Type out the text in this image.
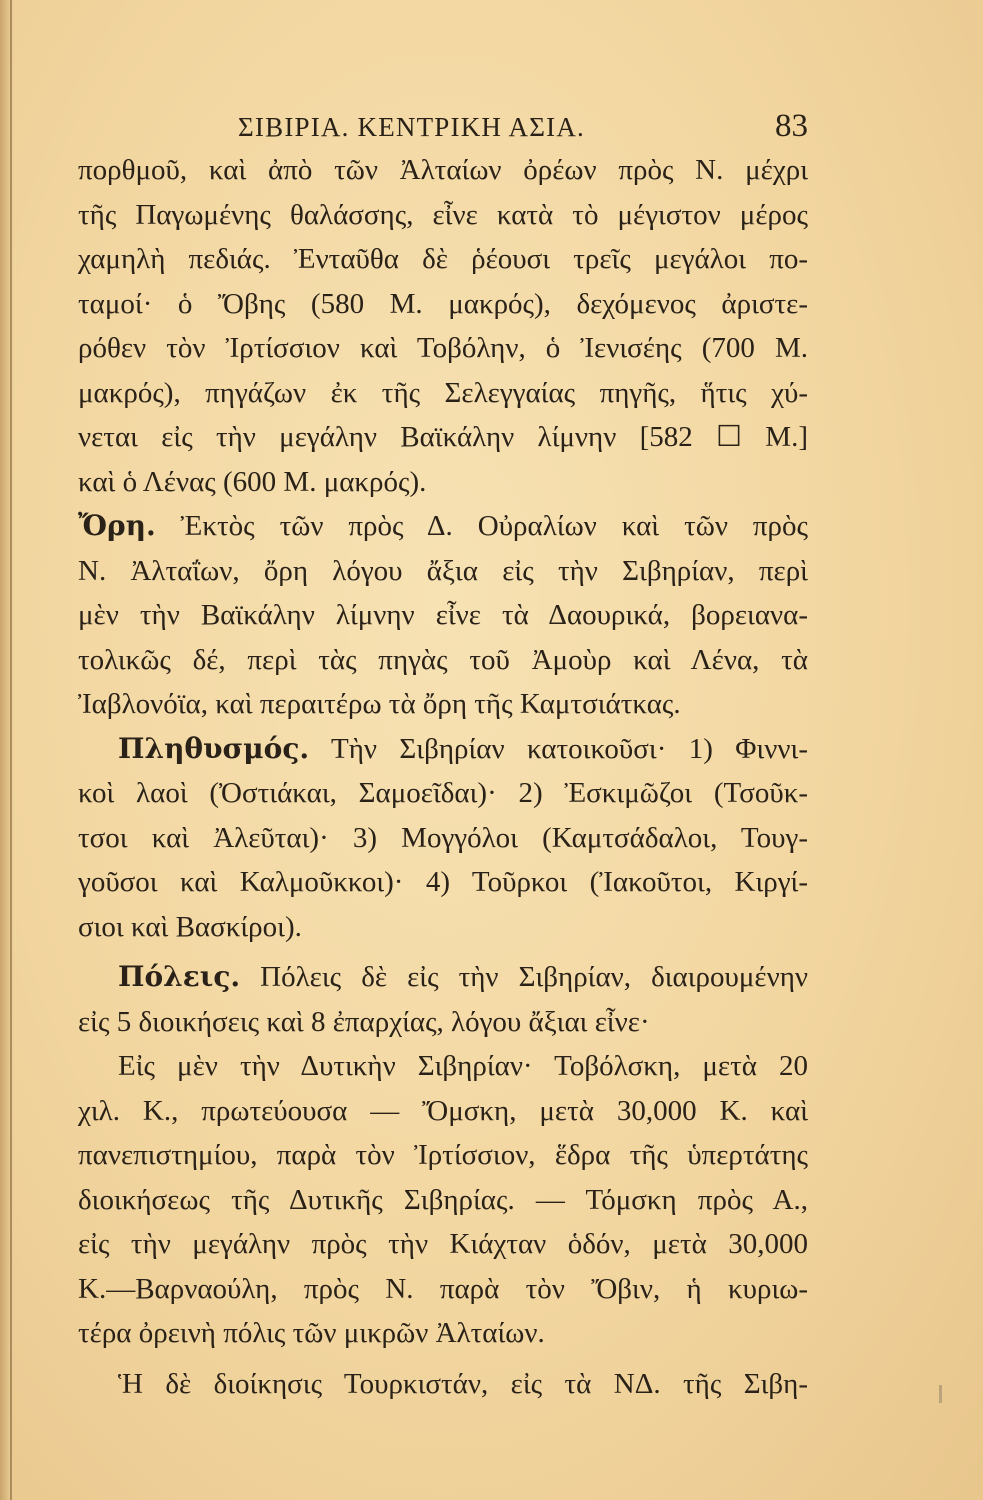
ΣΙΒΙΡΙΑ. ΚΕΝΤΡΙΚΗ ΑΣΙΑ.	83
πορθμοῦ, καὶ ἀπὸ τῶν Ἀλταίων ὀρέων πρὸς Ν. μέχρι
τῆς Παγωμένης θαλάσσης, εἶνε κατὰ τὸ μέγιστον μέρος
χαμηλὴ πεδιάς. Ἐνταῦθα δὲ ῥέουσι τρεῖς μεγάλοι πο-
ταμοί· ὁ Ὄβης (580 Μ. μακρός), δεχόμενος ἀριστε-
ρόθεν τὸν Ἰρτίσσιον καὶ Τοβόλην, ὁ Ἰενισέης (700 Μ.
μακρός), πηγάζων ἐκ τῆς Σελεγγαίας πηγῆς, ἥτις χύ-
νεται εἰς τὴν μεγάλην Βαϊκάλην λίμνην [582 ☐ Μ.]
καὶ ὁ Λένας (600 Μ. μακρός).
Ὄρη. Ἐκτὸς τῶν πρὸς Δ. Οὐραλίων καὶ τῶν πρὸς
Ν. Ἀλταΐων, ὄρη λόγου ἄξια εἰς τὴν Σιβηρίαν, περὶ
μὲν τὴν Βαϊκάλην λίμνην εἶνε τὰ Δαουρικά, βορειανα-
τολικῶς δέ, περὶ τὰς πηγὰς τοῦ Ἀμοὺρ καὶ Λένα, τὰ
Ἰαβλονόϊα, καὶ περαιτέρω τὰ ὄρη τῆς Καμτσιάτκας.
Πληθυσμός. Τὴν Σιβηρίαν κατοικοῦσι· 1) Φιννι-
κοὶ λαοὶ (Ὀστιάκαι, Σαμοεῖδαι)· 2) Ἐσκιμῶζοι (Τσοῦκ-
τσοι καὶ Ἀλεῦται)· 3) Μογγόλοι (Καμτσάδαλοι, Τουγ-
γοῦσοι καὶ Καλμοῦκκοι)· 4) Τοῦρκοι (Ἰακοῦτοι, Κιργί-
σιοι καὶ Βασκίροι).
Πόλεις. Πόλεις δὲ εἰς τὴν Σιβηρίαν, διαιρουμένην
εἰς 5 διοικήσεις καὶ 8 ἐπαρχίας, λόγου ἄξιαι εἶνε·
Εἰς μὲν τὴν Δυτικὴν Σιβηρίαν· Τοβόλσκη, μετὰ 20
χιλ. Κ., πρωτεύουσα — Ὄμσκη, μετὰ 30,000 Κ. καὶ
πανεπιστημίου, παρὰ τὸν Ἰρτίσσιον, ἕδρα τῆς ὑπερτάτης
διοικήσεως τῆς Δυτικῆς Σιβηρίας. — Τόμσκη πρὸς Α.,
εἰς τὴν μεγάλην πρὸς τὴν Κιάχταν ὁδόν, μετὰ 30,000
Κ.—Βαρναούλη, πρὸς Ν. παρὰ τὸν Ὄβιν, ἡ κυριω-
τέρα ὀρεινὴ πόλις τῶν μικρῶν Ἀλταίων.
Ἡ δὲ διοίκησις Τουρκιστάν, εἰς τὰ ΝΔ. τῆς Σιβη-
